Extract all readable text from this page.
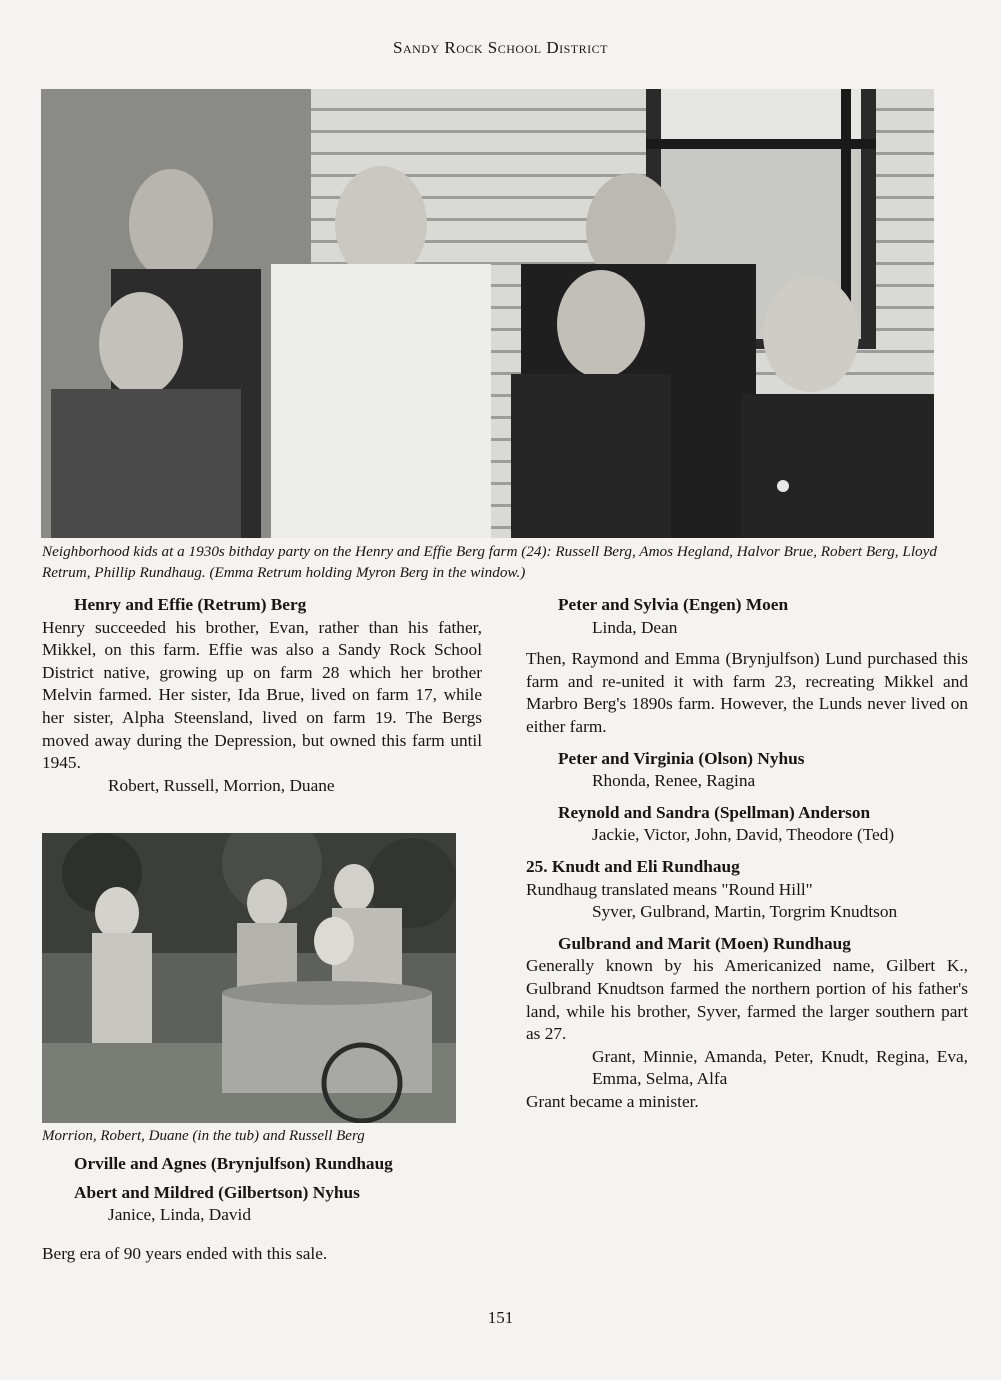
Sandy Rock School District
Neighborhood kids at a 1930s bithday party on the Henry and Effie Berg farm (24): Russell Berg, Amos Hegland, Halvor Brue, Robert Berg, Lloyd Retrum, Phillip Rundhaug. (Emma Retrum holding Myron Berg in the window.)
Henry and Effie (Retrum) Berg
Henry succeeded his brother, Evan, rather than his father, Mikkel, on this farm. Effie was also a Sandy Rock School District native, growing up on farm 28 which her brother Melvin farmed. Her sister, Ida Brue, lived on farm 17, while her sister, Alpha Steensland, lived on farm 19. The Bergs moved away during the Depression, but owned this farm until 1945.
Robert, Russell, Morrion, Duane
Morrion, Robert, Duane (in the tub) and Russell Berg
Orville and Agnes (Brynjulfson) Rundhaug
Abert and Mildred (Gilbertson) Nyhus
Janice, Linda, David
Berg era of 90 years ended with this sale.
Peter and Sylvia (Engen) Moen
Linda, Dean
Then, Raymond and Emma (Brynjulfson) Lund purchased this farm and re-united it with farm 23, recreating Mikkel and Marbro Berg's 1890s farm. However, the Lunds never lived on either farm.
Peter and Virginia (Olson) Nyhus
Rhonda, Renee, Ragina
Reynold and Sandra (Spellman) Anderson
Jackie, Victor, John, David, Theodore (Ted)
25. Knudt and Eli Rundhaug
Rundhaug translated means "Round Hill"
Syver, Gulbrand, Martin, Torgrim Knudtson
Gulbrand and Marit (Moen) Rundhaug
Generally known by his Americanized name, Gilbert K., Gulbrand Knudtson farmed the northern portion of his father's land, while his brother, Syver, farmed the larger southern part as 27.
Grant, Minnie, Amanda, Peter, Knudt, Regina, Eva, Emma, Selma, Alfa
Grant became a minister.
151
